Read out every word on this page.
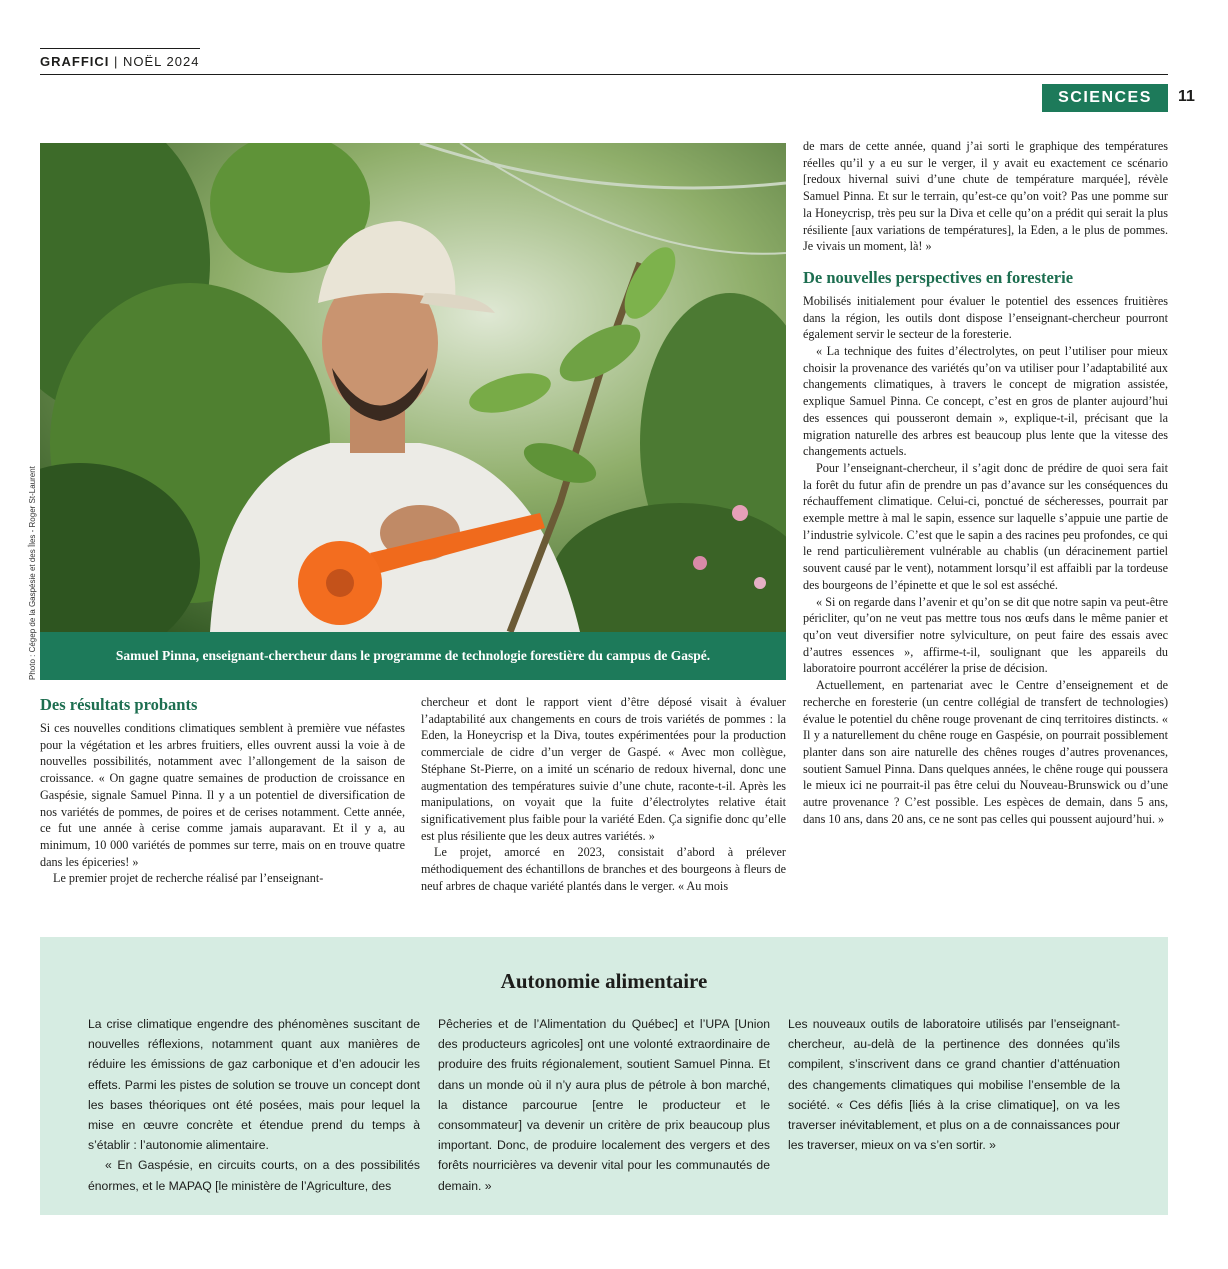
GRAFFICI | NOËL 2024
SCIENCES	11
Samuel Pinna, enseignant-chercheur dans le programme de technologie forestière du campus de Gaspé.
Photo : Cégep de la Gaspésie et des Îles - Roger St-Laurent
Des résultats probants

Si ces nouvelles conditions climatiques semblent à première vue néfastes pour la végétation et les arbres fruitiers, elles ouvrent aussi la voie à de nouvelles possibilités, notamment avec l’allongement de la saison de croissance. « On gagne quatre semaines de production de croissance en Gaspésie, signale Samuel Pinna. Il y a un potentiel de diversification de nos variétés de pommes, de poires et de cerises notamment. Cette année, ce fut une année à cerise comme jamais auparavant. Et il y a, au minimum, 10 000 variétés de pommes sur terre, mais on en trouve quatre dans les épiceries! »

Le premier projet de recherche réalisé par l’enseignant-

chercheur et dont le rapport vient d’être déposé visait à évaluer l’adaptabilité aux changements en cours de trois variétés de pommes : la Eden, la Honeycrisp et la Diva, toutes expérimentées pour la production commerciale de cidre d’un verger de Gaspé. « Avec mon collègue, Stéphane St-Pierre, on a imité un scénario de redoux hivernal, donc une augmentation des températures suivie d’une chute, raconte-t-il. Après les manipulations, on voyait que la fuite d’électrolytes relative était significativement plus faible pour la variété Eden. Ça signifie donc qu’elle est plus résiliente que les deux autres variétés. »

Le projet, amorcé en 2023, consistait d’abord à prélever méthodiquement des échantillons de branches et des bourgeons à fleurs de neuf arbres de chaque variété plantés dans le verger. « Au mois

de mars de cette année, quand j’ai sorti le graphique des températures réelles qu’il y a eu sur le verger, il y avait eu exactement ce scénario [redoux hivernal suivi d’une chute de température marquée], révèle Samuel Pinna. Et sur le terrain, qu’est-ce qu’on voit? Pas une pomme sur la Honeycrisp, très peu sur la Diva et celle qu’on a prédit qui serait la plus résiliente [aux variations de températures], la Eden, a le plus de pommes. Je vivais un moment, là! »

De nouvelles perspectives en foresterie

Mobilisés initialement pour évaluer le potentiel des essences fruitières dans la région, les outils dont dispose l’enseignant-chercheur pourront également servir le secteur de la foresterie.

« La technique des fuites d’électrolytes, on peut l’utiliser pour mieux choisir la provenance des variétés qu’on va utiliser pour l’adaptabilité aux changements climatiques, à travers le concept de migration assistée, explique Samuel Pinna. Ce concept, c’est en gros de planter aujourd’hui des essences qui pousseront demain », explique-t-il, précisant que la migration naturelle des arbres est beaucoup plus lente que la vitesse des changements actuels.

Pour l’enseignant-chercheur, il s’agit donc de prédire de quoi sera fait la forêt du futur afin de prendre un pas d’avance sur les conséquences du réchauffement climatique. Celui-ci, ponctué de sécheresses, pourrait par exemple mettre à mal le sapin, essence sur laquelle s’appuie une partie de l’industrie sylvicole. C’est que le sapin a des racines peu profondes, ce qui le rend particulièrement vulnérable au chablis (un déracinement partiel souvent causé par le vent), notamment lorsqu’il est affaibli par la tordeuse des bourgeons de l’épinette et que le sol est asséché.

« Si on regarde dans l’avenir et qu’on se dit que notre sapin va peut-être péricliter, qu’on ne veut pas mettre tous nos œufs dans le même panier et qu’on veut diversifier notre sylviculture, on peut faire des essais avec d’autres essences », affirme-t-il, soulignant que les appareils du laboratoire pourront accélérer la prise de décision.

Actuellement, en partenariat avec le Centre d’enseignement et de recherche en foresterie (un centre collégial de transfert de technologies) évalue le potentiel du chêne rouge provenant de cinq territoires distincts. « Il y a naturellement du chêne rouge en Gaspésie, on pourrait possiblement planter dans son aire naturelle des chênes rouges d’autres provenances, soutient Samuel Pinna. Dans quelques années, le chêne rouge qui poussera le mieux ici ne pourrait-il pas être celui du Nouveau-Brunswick ou d’une autre provenance ? C’est possible. Les espèces de demain, dans 5 ans, dans 10 ans, dans 20 ans, ce ne sont pas celles qui poussent aujourd’hui. »

Autonomie alimentaire

La crise climatique engendre des phénomènes suscitant de nouvelles réflexions, notamment quant aux manières de réduire les émissions de gaz carbonique et d’en adoucir les effets. Parmi les pistes de solution se trouve un concept dont les bases théoriques ont été posées, mais pour lequel la mise en œuvre concrète et étendue prend du temps à s’établir : l’autonomie alimentaire.

« En Gaspésie, en circuits courts, on a des possibilités énormes, et le MAPAQ [le ministère de l’Agriculture, des

Pêcheries et de l’Alimentation du Québec] et l’UPA [Union des producteurs agricoles] ont une volonté extraordinaire de produire des fruits régionalement, soutient Samuel Pinna. Et dans un monde où il n’y aura plus de pétrole à bon marché, la distance parcourue [entre le producteur et le consommateur] va devenir un critère de prix beaucoup plus important. Donc, de produire localement des vergers et des forêts nourricières va devenir vital pour les communautés de demain. »

Les nouveaux outils de laboratoire utilisés par l’enseignant-chercheur, au-delà de la pertinence des données qu’ils compilent, s’inscrivent dans ce grand chantier d’atténuation des changements climatiques qui mobilise l’ensemble de la société. « Ces défis [liés à la crise climatique], on va les traverser inévitablement, et plus on a de connaissances pour les traverser, mieux on va s’en sortir. »
